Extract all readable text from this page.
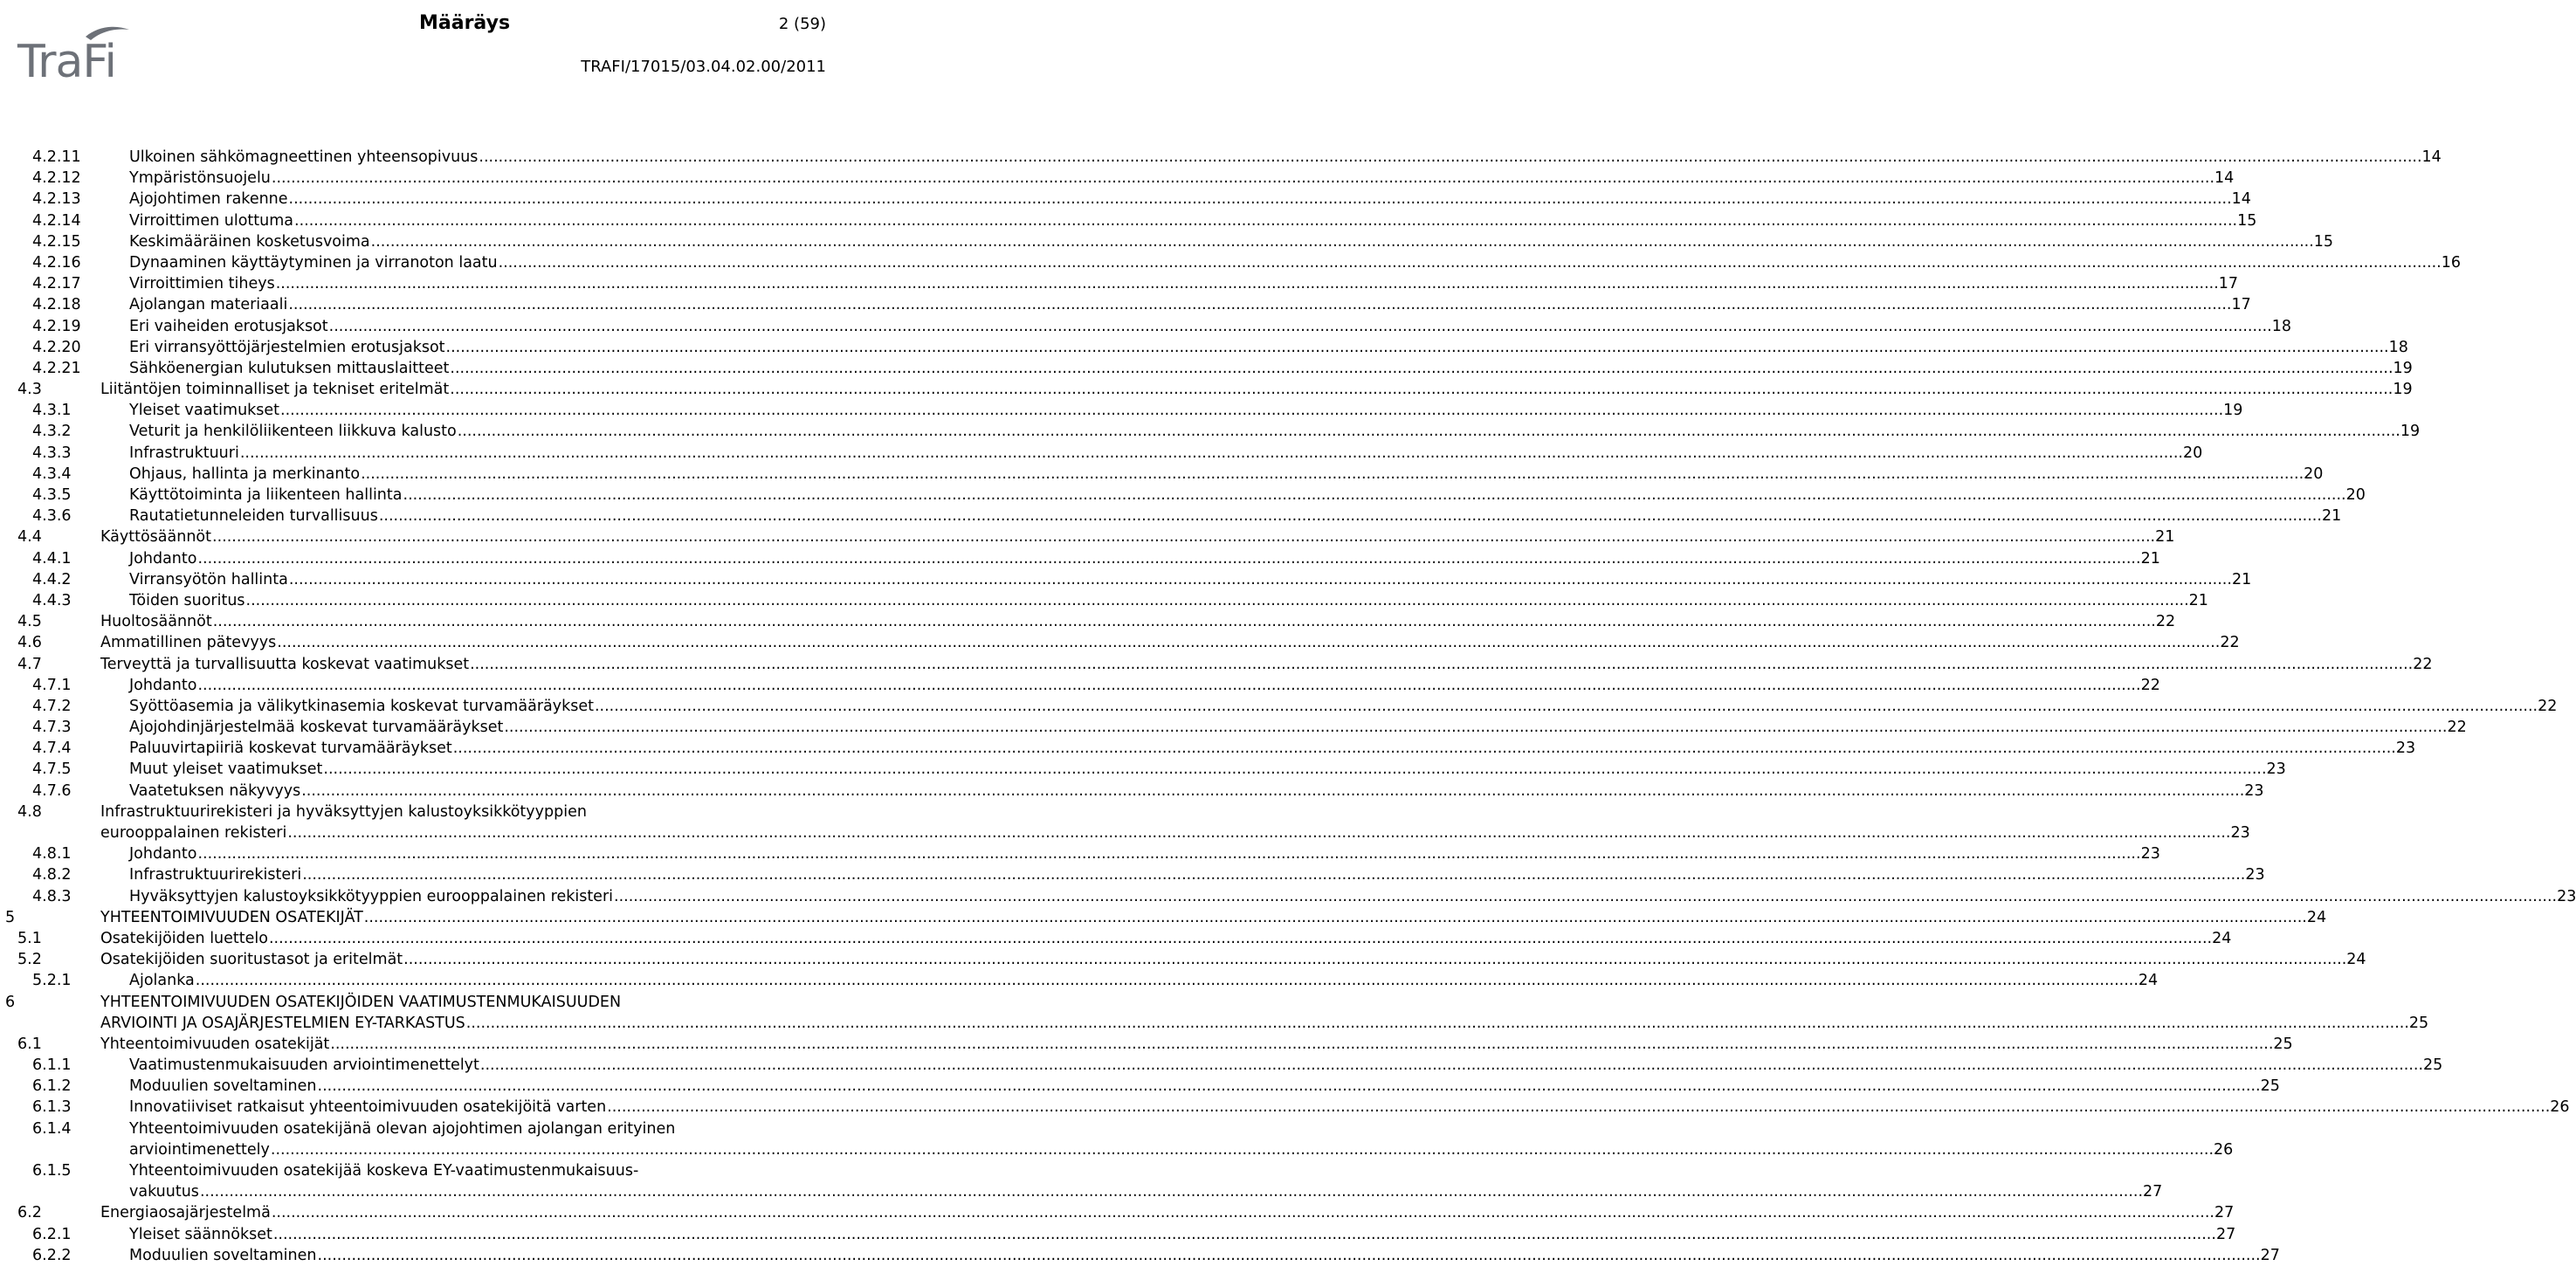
TraFi
Määräys	2 (59)
TRAFI/17015/03.04.02.00/2011
4.2.11	Ulkoinen sähkömagneettinen yhteensopivuus ................................................................................................................................................................................................................................................................................................................................................................................................................ 14
4.2.12	Ympäristönsuojelu ................................................................................................................................................................................................................................................................................................................................................................................................................ 14
4.2.13	Ajojohtimen rakenne ................................................................................................................................................................................................................................................................................................................................................................................................................ 14
4.2.14	Virroittimen ulottuma ................................................................................................................................................................................................................................................................................................................................................................................................................ 15
4.2.15	Keskimääräinen kosketusvoima ................................................................................................................................................................................................................................................................................................................................................................................................................ 15
4.2.16	Dynaaminen käyttäytyminen ja virranoton laatu ................................................................................................................................................................................................................................................................................................................................................................................................................ 16
4.2.17	Virroittimien tiheys ................................................................................................................................................................................................................................................................................................................................................................................................................ 17
4.2.18	Ajolangan materiaali ................................................................................................................................................................................................................................................................................................................................................................................................................ 17
4.2.19	Eri vaiheiden erotusjaksot ................................................................................................................................................................................................................................................................................................................................................................................................................ 18
4.2.20	Eri virransyöttöjärjestelmien erotusjaksot ................................................................................................................................................................................................................................................................................................................................................................................................................ 18
4.2.21	Sähköenergian kulutuksen mittauslaitteet ................................................................................................................................................................................................................................................................................................................................................................................................................ 19
4.3	Liitäntöjen toiminnalliset ja tekniset eritelmät ................................................................................................................................................................................................................................................................................................................................................................................................................ 19
4.3.1	Yleiset vaatimukset ................................................................................................................................................................................................................................................................................................................................................................................................................ 19
4.3.2	Veturit ja henkilöliikenteen liikkuva kalusto ................................................................................................................................................................................................................................................................................................................................................................................................................ 19
4.3.3	Infrastruktuuri ................................................................................................................................................................................................................................................................................................................................................................................................................ 20
4.3.4	Ohjaus, hallinta ja merkinanto ................................................................................................................................................................................................................................................................................................................................................................................................................ 20
4.3.5	Käyttötoiminta ja liikenteen hallinta ................................................................................................................................................................................................................................................................................................................................................................................................................ 20
4.3.6	Rautatietunneleiden turvallisuus ................................................................................................................................................................................................................................................................................................................................................................................................................ 21
4.4	Käyttösäännöt ................................................................................................................................................................................................................................................................................................................................................................................................................ 21
4.4.1	Johdanto ................................................................................................................................................................................................................................................................................................................................................................................................................ 21
4.4.2	Virransyötön hallinta ................................................................................................................................................................................................................................................................................................................................................................................................................ 21
4.4.3	Töiden suoritus ................................................................................................................................................................................................................................................................................................................................................................................................................ 21
4.5	Huoltosäännöt ................................................................................................................................................................................................................................................................................................................................................................................................................ 22
4.6	Ammatillinen pätevyys ................................................................................................................................................................................................................................................................................................................................................................................................................ 22
4.7	Terveyttä ja turvallisuutta koskevat vaatimukset ................................................................................................................................................................................................................................................................................................................................................................................................................ 22
4.7.1	Johdanto ................................................................................................................................................................................................................................................................................................................................................................................................................ 22
4.7.2	Syöttöasemia ja välikytkinasemia koskevat turvamääräykset ................................................................................................................................................................................................................................................................................................................................................................................................................ 22
4.7.3	Ajojohdinjärjestelmää koskevat turvamääräykset ................................................................................................................................................................................................................................................................................................................................................................................................................ 22
4.7.4	Paluuvirtapiiriä koskevat turvamääräykset ................................................................................................................................................................................................................................................................................................................................................................................................................ 23
4.7.5	Muut yleiset vaatimukset ................................................................................................................................................................................................................................................................................................................................................................................................................ 23
4.7.6	Vaatetuksen näkyvyys ................................................................................................................................................................................................................................................................................................................................................................................................................ 23
4.8	Infrastruktuurirekisteri ja hyväksyttyjen kalustoyksikkötyyppien
eurooppalainen rekisteri ................................................................................................................................................................................................................................................................................................................................................................................................................ 23
4.8.1	Johdanto ................................................................................................................................................................................................................................................................................................................................................................................................................ 23
4.8.2	Infrastruktuurirekisteri ................................................................................................................................................................................................................................................................................................................................................................................................................ 23
4.8.3	Hyväksyttyjen kalustoyksikkötyyppien eurooppalainen rekisteri ................................................................................................................................................................................................................................................................................................................................................................................................................ 23
5	YHTEENTOIMIVUUDEN OSATEKIJÄT ................................................................................................................................................................................................................................................................................................................................................................................................................ 24
5.1	Osatekijöiden luettelo ................................................................................................................................................................................................................................................................................................................................................................................................................ 24
5.2	Osatekijöiden suoritustasot ja eritelmät ................................................................................................................................................................................................................................................................................................................................................................................................................ 24
5.2.1	Ajolanka ................................................................................................................................................................................................................................................................................................................................................................................................................ 24
6	YHTEENTOIMIVUUDEN OSATEKIJÖIDEN VAATIMUSTENMUKAISUUDEN
ARVIOINTI JA OSAJÄRJESTELMIEN EY-TARKASTUS ................................................................................................................................................................................................................................................................................................................................................................................................................ 25
6.1	Yhteentoimivuuden osatekijät ................................................................................................................................................................................................................................................................................................................................................................................................................ 25
6.1.1	Vaatimustenmukaisuuden arviointimenettelyt ................................................................................................................................................................................................................................................................................................................................................................................................................ 25
6.1.2	Moduulien soveltaminen ................................................................................................................................................................................................................................................................................................................................................................................................................ 25
6.1.3	Innovatiiviset ratkaisut yhteentoimivuuden osatekijöitä varten ................................................................................................................................................................................................................................................................................................................................................................................................................ 26
6.1.4	Yhteentoimivuuden osatekijänä olevan ajojohtimen ajolangan erityinen
arviointimenettely ................................................................................................................................................................................................................................................................................................................................................................................................................ 26
6.1.5	Yhteentoimivuuden osatekijää koskeva EY-vaatimustenmukaisuus-
vakuutus ................................................................................................................................................................................................................................................................................................................................................................................................................ 27
6.2	Energiaosajärjestelmä ................................................................................................................................................................................................................................................................................................................................................................................................................ 27
6.2.1	Yleiset säännökset ................................................................................................................................................................................................................................................................................................................................................................................................................ 27
6.2.2	Moduulien soveltaminen ................................................................................................................................................................................................................................................................................................................................................................................................................ 27
